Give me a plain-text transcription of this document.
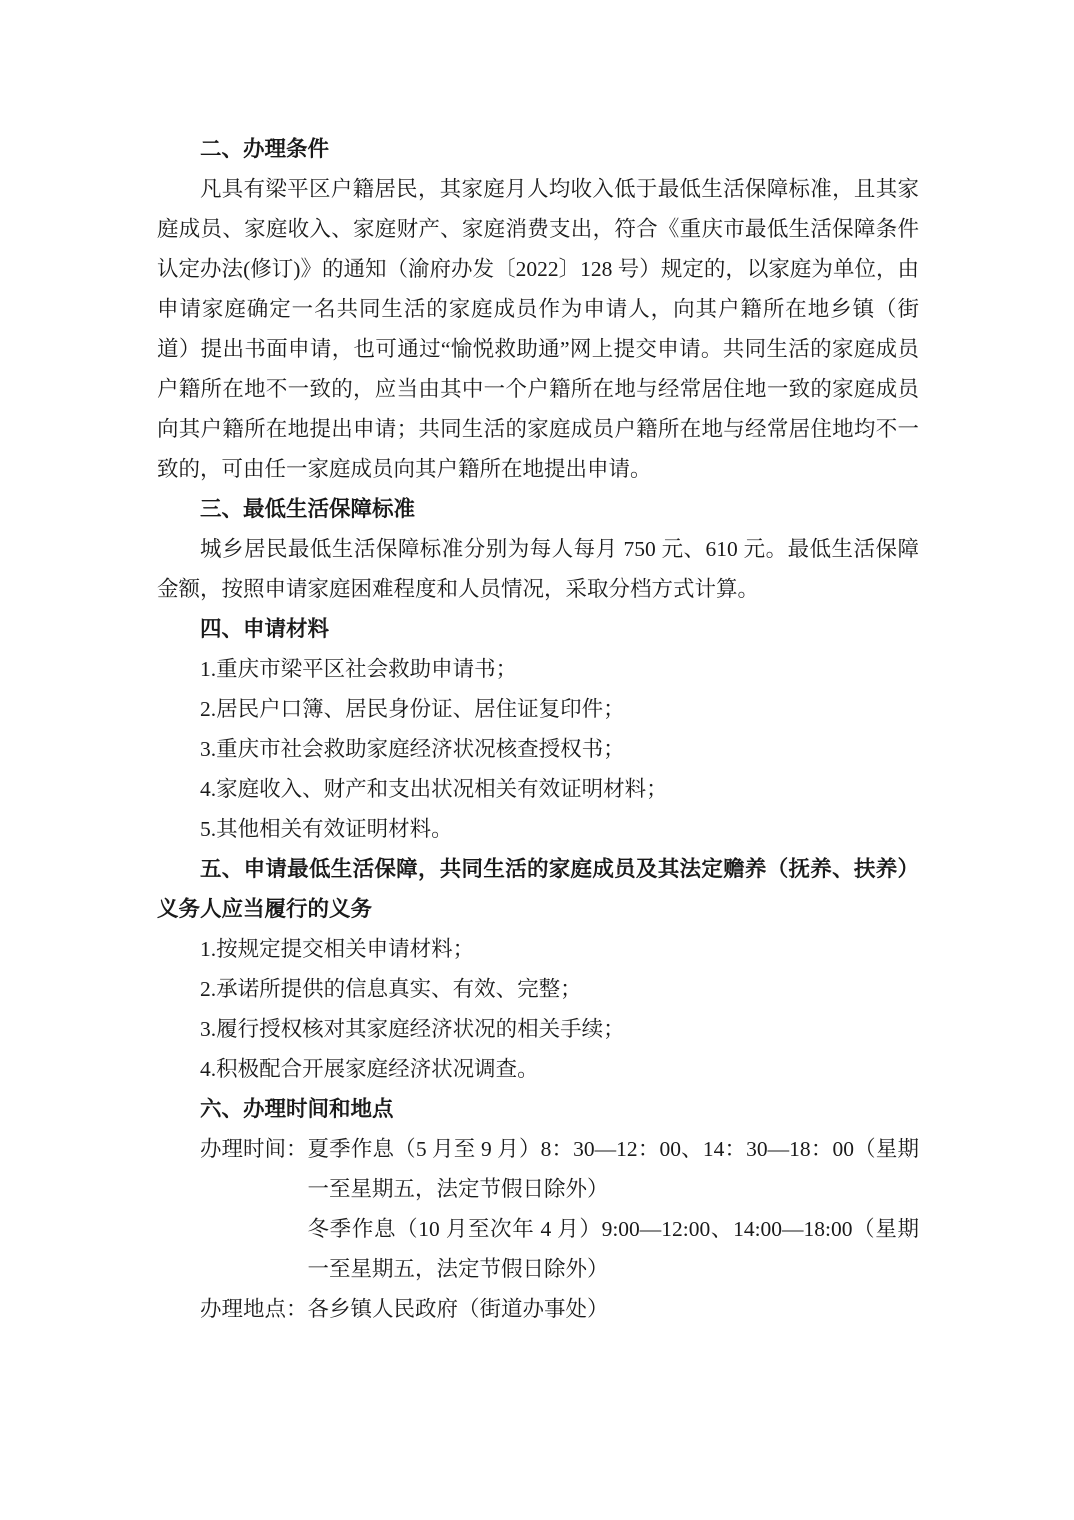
二、办理条件
凡具有梁平区户籍居民，其家庭月人均收入低于最低生活保障标准，且其家庭成员、家庭收入、家庭财产、家庭消费支出，符合《重庆市最低生活保障条件认定办法(修订)》的通知（渝府办发〔2022〕128 号）规定的，以家庭为单位，由申请家庭确定一名共同生活的家庭成员作为申请人，向其户籍所在地乡镇（街道）提出书面申请，也可通过“愉悦救助通”网上提交申请。共同生活的家庭成员户籍所在地不一致的，应当由其中一个户籍所在地与经常居住地一致的家庭成员向其户籍所在地提出申请；共同生活的家庭成员户籍所在地与经常居住地均不一致的，可由任一家庭成员向其户籍所在地提出申请。
三、最低生活保障标准
城乡居民最低生活保障标准分别为每人每月 750 元、610 元。最低生活保障金额，按照申请家庭困难程度和人员情况，采取分档方式计算。
四、申请材料
1.重庆市梁平区社会救助申请书；
2.居民户口簿、居民身份证、居住证复印件；
3.重庆市社会救助家庭经济状况核查授权书；
4.家庭收入、财产和支出状况相关有效证明材料；
5.其他相关有效证明材料。
五、申请最低生活保障，共同生活的家庭成员及其法定赡养（抚养、扶养）义务人应当履行的义务
1.按规定提交相关申请材料；
2.承诺所提供的信息真实、有效、完整；
3.履行授权核对其家庭经济状况的相关手续；
4.积极配合开展家庭经济状况调查。
六、办理时间和地点
办理时间： 夏季作息（5 月至 9 月）8：30—12：00、14：30—18：00（星期一至星期五，法定节假日除外）
冬季作息（10 月至次年 4 月）9:00—12:00、14:00—18:00（星期一至星期五，法定节假日除外）
办理地点： 各乡镇人民政府（街道办事处）
